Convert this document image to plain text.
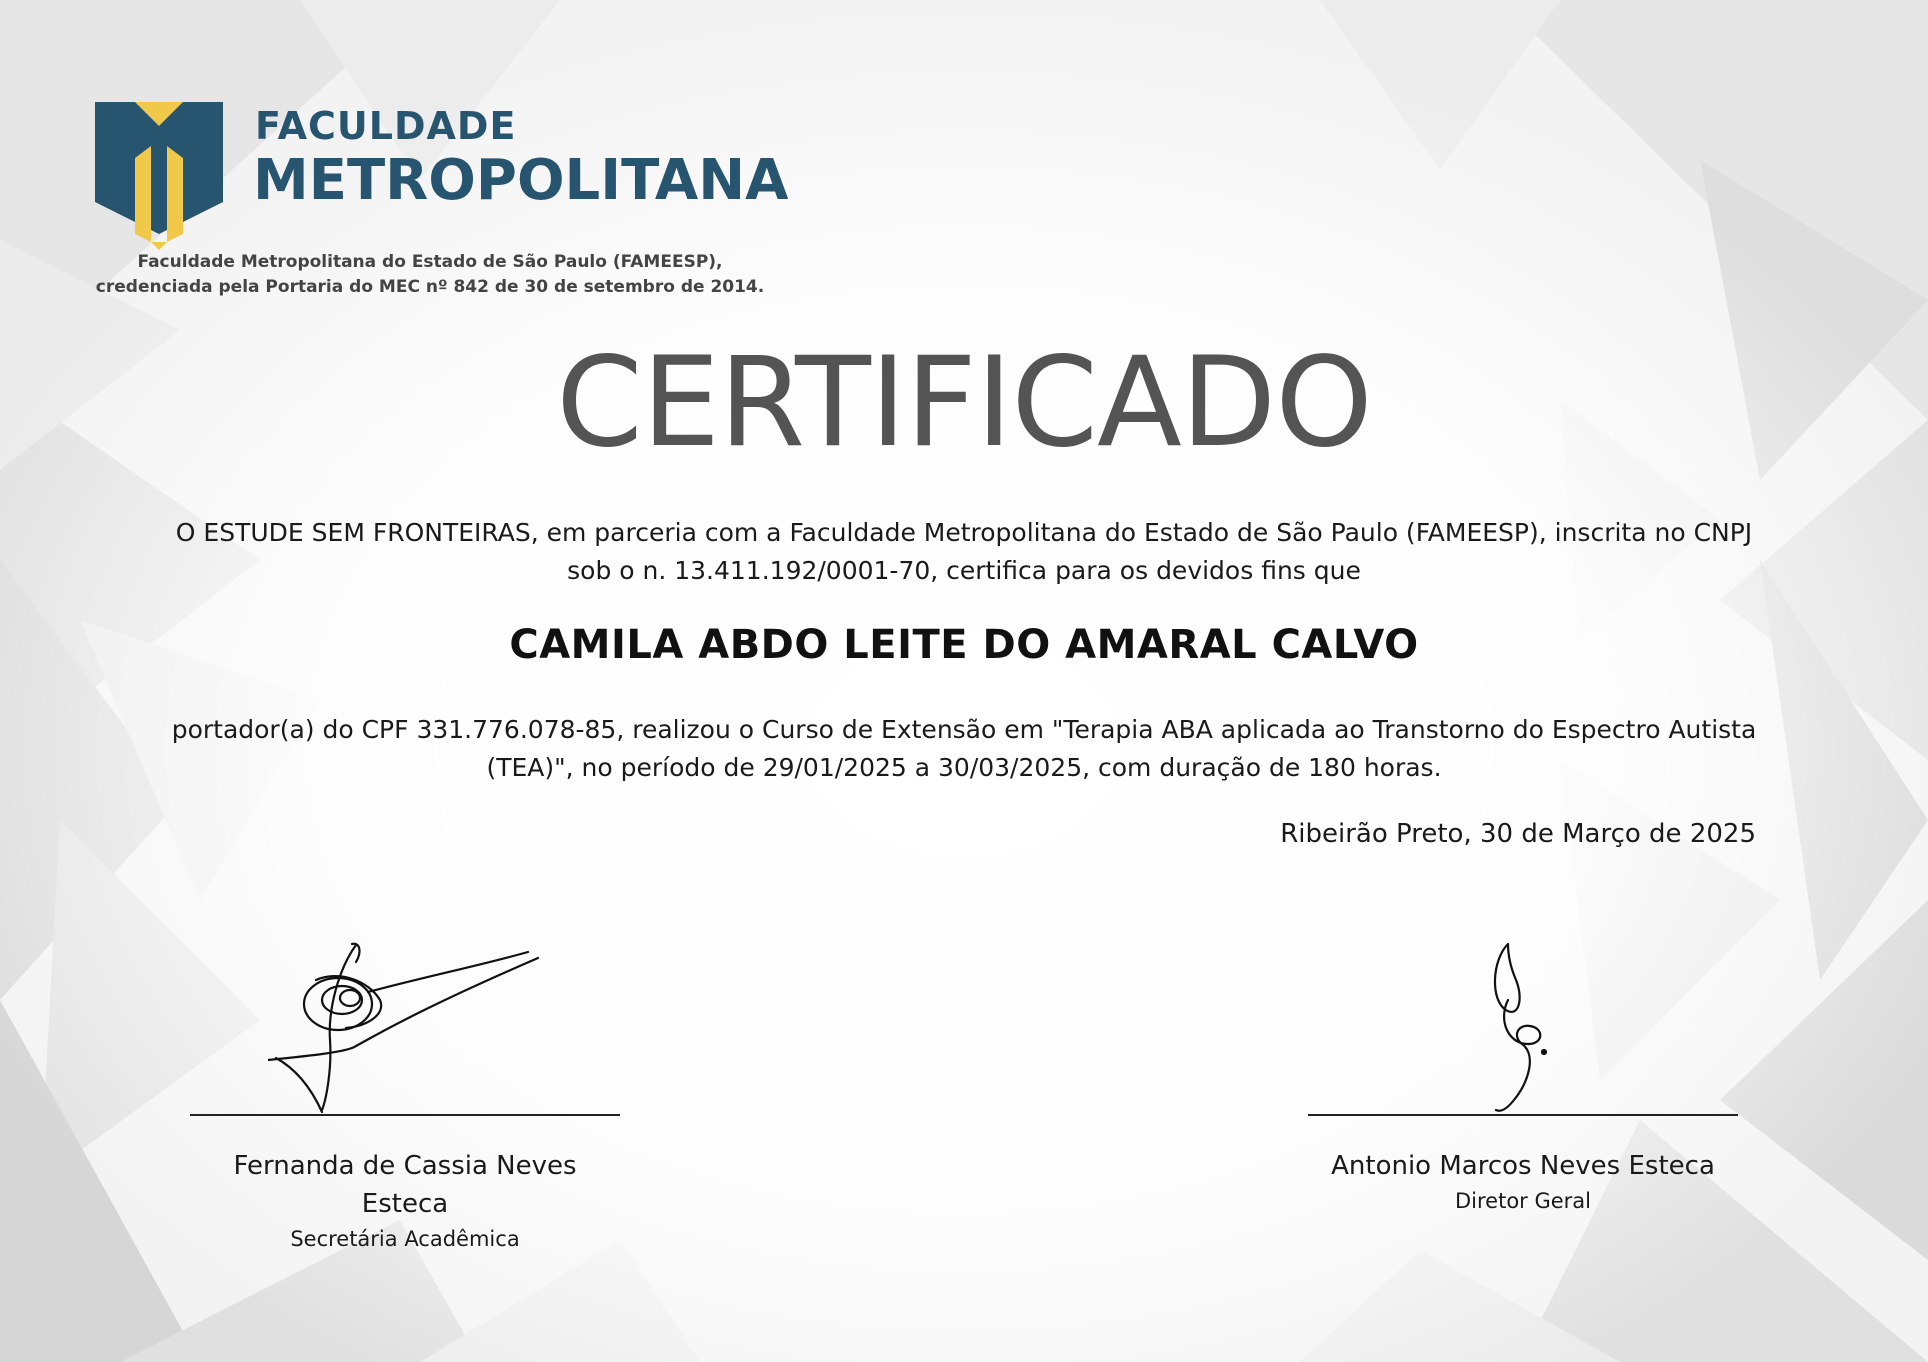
FACULDADE
METROPOLITANA
Faculdade Metropolitana do Estado de São Paulo (FAMEESP),
credenciada pela Portaria do MEC nº 842 de 30 de setembro de 2014.
CERTIFICADO
O ESTUDE SEM FRONTEIRAS, em parceria com a Faculdade Metropolitana do Estado de São Paulo (FAMEESP), inscrita no CNPJ sob o n. 13.411.192/0001-70, certifica para os devidos fins que
CAMILA ABDO LEITE DO AMARAL CALVO
portador(a) do CPF 331.776.078-85, realizou o Curso de Extensão em "Terapia ABA aplicada ao Transtorno do Espectro Autista (TEA)", no período de 29/01/2025 a 30/03/2025, com duração de 180 horas.
Ribeirão Preto, 30 de Março de 2025
Fernanda de Cassia Neves Esteca
Secretária Acadêmica
Antonio Marcos Neves Esteca
Diretor Geral
